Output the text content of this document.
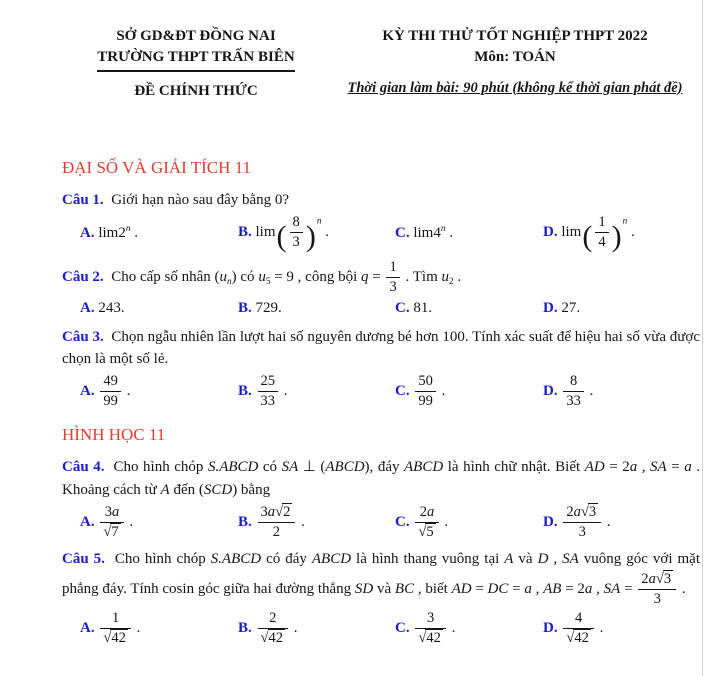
SỞ GD&ĐT ĐỒNG NAI
TRƯỜNG THPT TRẤN BIÊN
ĐỀ CHÍNH THỨC
KỲ THI THỬ TỐT NGHIỆP THPT 2022
Môn: TOÁN
Thời gian làm bài: 90 phút (không kể thời gian phát đề)
ĐẠI SỐ VÀ GIẢI TÍCH 11

Câu 1. Giới hạn nào sau đây bằng 0?

A. lim2$^n$ .	B. $\lim( \frac{8}{3} )^n$ .	C. lim4$^n$ .	D. $\lim( \frac{1}{4} )^n$ .

Câu 2. Cho cấp số nhân $(u_n)$ có $u_5 = 9$ , công bội $q = \frac{1}{3}$ . Tìm $u_2$ .

A. 243.	B. 729.	C. 81.	D. 27.

Câu 3. Chọn ngẫu nhiên lần lượt hai số nguyên dương bé hơn 100. Tính xác suất để hiệu hai số vừa được chọn là một số lẻ.

A. $\frac{49}{99}$ .	B. $\frac{25}{33}$ .	C. $\frac{50}{99}$ .	D. $\frac{8}{33}$ .
HÌNH HỌC 11

Câu 4. Cho hình chóp S.ABCD có SA ⊥ (ABCD), đáy ABCD là hình chữ nhật. Biết AD = 2a , SA = a . Khoảng cách từ A đến (SCD) bằng

A. $\frac{3a}{√7}$ .	B. $\frac{3a√2}{2}$ .	C. $\frac{2a}{√5}$ .	D. $\frac{2a√3}{3}$ .

Câu 5. Cho hình chóp S.ABCD có đáy ABCD là hình thang vuông tại A và D , SA vuông góc với mặt phẳng đáy. Tính cosin góc giữa hai đường thẳng SD và BC , biết AD = DC = a , AB = 2a , SA = $\frac{2a√3}{3}$ .

A. $\frac{1}{√42}$ .	B. $\frac{2}{√42}$ .	C. $\frac{3}{√42}$ .	D. $\frac{4}{√42}$ .
